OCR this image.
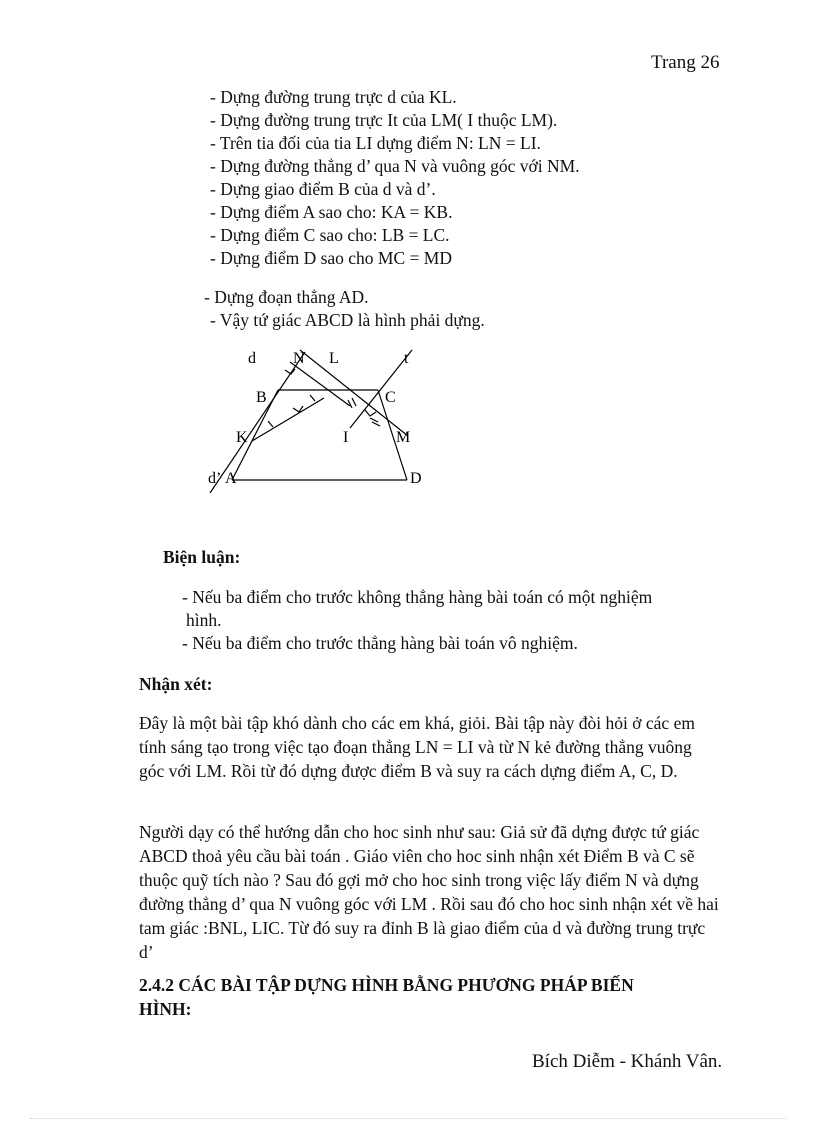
Trang 26
- Dựng đường trung trực d của KL.
- Dựng đường trung trực It của LM( I thuộc LM).
- Trên tia đối của tia LI dựng điểm N: LN = LI.
- Dựng đường thẳng d’ qua N và vuông góc với NM.
- Dựng giao điểm B của d và d’.
- Dựng điểm A sao cho: KA = KB.
- Dựng điểm C sao cho: LB = LC.
- Dựng điểm D sao cho MC = MD
- Dựng đoạn thẳng AD.
- Vậy tứ giác ABCD là hình phải dựng.
d N L	t
B	C
K	I	M
d’ A	D
Biện luận:
- Nếu ba điểm cho trước không thẳng hàng bài toán có một nghiệm
hình.
- Nếu ba điểm cho trước thẳng hàng bài toán vô nghiệm.
Nhận xét:
Đây là một bài tập khó dành cho các em khá, giỏi. Bài tập này đòi hỏi ở các em tính sáng tạo trong việc tạo đoạn thẳng LN = LI và từ N kẻ đường thẳng vuông góc với LM. Rồi từ đó dựng được điểm B và suy ra cách dựng điểm A, C, D.
Người dạy có thể hướng dẫn cho hoc sinh như sau: Giả sử đã dựng được tứ giác ABCD thoả yêu cầu bài toán . Giáo viên cho hoc sinh nhận xét Điểm B và C sẽ thuộc quỹ tích nào ? Sau đó gợi mở cho hoc sinh trong việc lấy điểm N và dựng đường thẳng d’ qua N vuông góc với LM . Rồi sau đó cho hoc sinh nhận xét về hai tam giác :BNL, LIC. Từ đó suy ra đỉnh B là giao điểm của d và đường trung trực d’
2.4.2 CÁC BÀI TẬP DỰNG HÌNH BẰNG PHƯƠNG PHÁP BIẾN HÌNH:
Bích Diễm - Khánh Vân.
